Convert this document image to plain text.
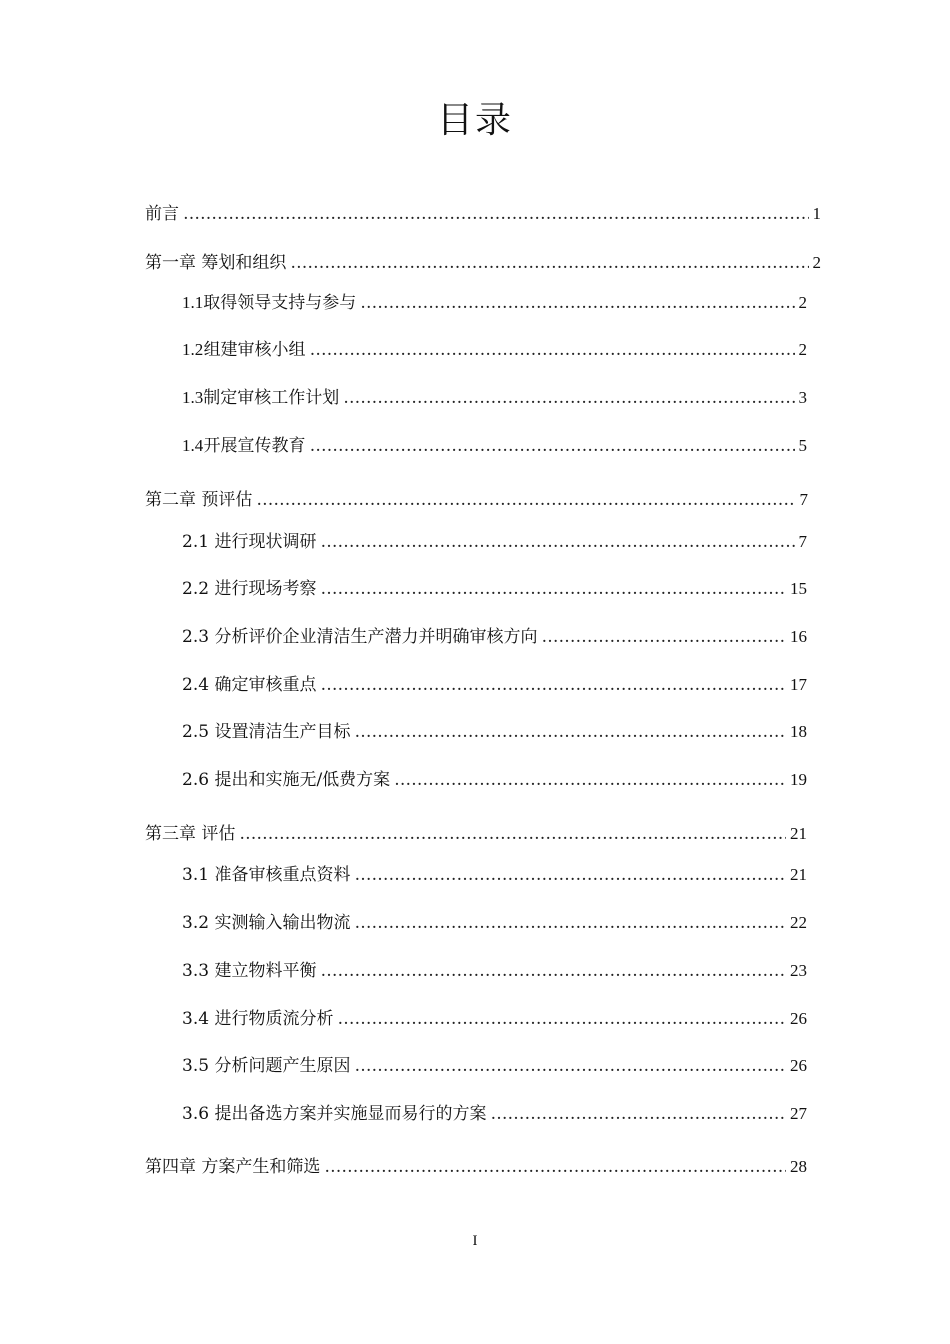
目录
前言 …………………………………………………………………………………………………………………………………………………………………………………………………………………………	1
第一章 筹划和组织 …………………………………………………………………………………………………………………………………………………………………………………………………………………………	2
1.1 取得领导支持与参与 …………………………………………………………………………………………………………………………………………………………………………………………………………………………	2
1.2 组建审核小组 …………………………………………………………………………………………………………………………………………………………………………………………………………………………	2
1.3 制定审核工作计划 …………………………………………………………………………………………………………………………………………………………………………………………………………………………	3
1.4 开展宣传教育 …………………………………………………………………………………………………………………………………………………………………………………………………………………………	5
第二章 预评估 …………………………………………………………………………………………………………………………………………………………………………………………………………………………	7
2.1 进行现状调研 …………………………………………………………………………………………………………………………………………………………………………………………………………………………	7
2.2 进行现场考察 …………………………………………………………………………………………………………………………………………………………………………………………………………………………	15
2.3 分析评价企业清洁生产潜力并明确审核方向 …………………………………………………………………………………………………………………………………………………………………………………………………………………………	16
2.4 确定审核重点 …………………………………………………………………………………………………………………………………………………………………………………………………………………………	17
2.5 设置清洁生产目标 …………………………………………………………………………………………………………………………………………………………………………………………………………………………	18
2.6 提出和实施无/低费方案 …………………………………………………………………………………………………………………………………………………………………………………………………………………………	19
第三章 评估 …………………………………………………………………………………………………………………………………………………………………………………………………………………………	21
3.1 准备审核重点资料 …………………………………………………………………………………………………………………………………………………………………………………………………………………………	21
3.2 实测输入输出物流 …………………………………………………………………………………………………………………………………………………………………………………………………………………………	22
3.3 建立物料平衡 …………………………………………………………………………………………………………………………………………………………………………………………………………………………	23
3.4 进行物质流分析 …………………………………………………………………………………………………………………………………………………………………………………………………………………………	26
3.5 分析问题产生原因 …………………………………………………………………………………………………………………………………………………………………………………………………………………………	26
3.6 提出备选方案并实施显而易行的方案 …………………………………………………………………………………………………………………………………………………………………………………………………………………………	27
第四章 方案产生和筛选 …………………………………………………………………………………………………………………………………………………………………………………………………………………………	28
I
